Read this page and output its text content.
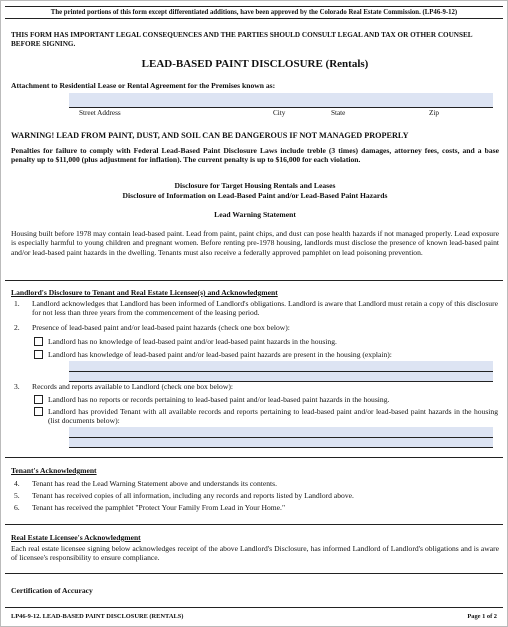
The printed portions of this form except differentiated additions, have been approved by the Colorado Real Estate Commission. (LP46-9-12)
THIS FORM HAS IMPORTANT LEGAL CONSEQUENCES AND THE PARTIES SHOULD CONSULT LEGAL AND TAX OR OTHER COUNSEL BEFORE SIGNING.
LEAD-BASED PAINT DISCLOSURE (Rentals)
Attachment to Residential Lease or Rental Agreement for the Premises known as:
Street Address	City	State	Zip
WARNING! LEAD FROM PAINT, DUST, AND SOIL CAN BE DANGEROUS IF NOT MANAGED PROPERLY
Penalties for failure to comply with Federal Lead-Based Paint Disclosure Laws include treble (3 times) damages, attorney fees, costs, and a base penalty up to $11,000 (plus adjustment for inflation). The current penalty is up to $16,000 for each violation.
Disclosure for Target Housing Rentals and Leases
Disclosure of Information on Lead-Based Paint and/or Lead-Based Paint Hazards
Lead Warning Statement
Housing built before 1978 may contain lead-based paint. Lead from paint, paint chips, and dust can pose health hazards if not managed properly. Lead exposure is especially harmful to young children and pregnant women. Before renting pre-1978 housing, landlords must disclose the presence of known lead-based paint and/or lead-based paint hazards in the dwelling. Tenants must also receive a federally approved pamphlet on lead poisoning prevention.
Landlord's Disclosure to Tenant and Real Estate Licensee(s) and Acknowledgment
1. Landlord acknowledges that Landlord has been informed of Landlord's obligations. Landlord is aware that Landlord must retain a copy of this disclosure for not less than three years from the commencement of the leasing period.
2. Presence of lead-based paint and/or lead-based paint hazards (check one box below):
Landlord has no knowledge of lead-based paint and/or lead-based paint hazards in the housing.
Landlord has knowledge of lead-based paint and/or lead-based paint hazards are present in the housing (explain):
3. Records and reports available to Landlord (check one box below):
Landlord has no reports or records pertaining to lead-based paint and/or lead-based paint hazards in the housing.
Landlord has provided Tenant with all available records and reports pertaining to lead-based paint and/or lead-based paint hazards in the housing (list documents below):
Tenant's Acknowledgment
4. Tenant has read the Lead Warning Statement above and understands its contents.
5. Tenant has received copies of all information, including any records and reports listed by Landlord above.
6. Tenant has received the pamphlet "Protect Your Family From Lead in Your Home."
Real Estate Licensee's Acknowledgment
Each real estate licensee signing below acknowledges receipt of the above Landlord's Disclosure, has informed Landlord of Landlord's obligations and is aware of licensee's responsibility to ensure compliance.
Certification of Accuracy
LP46-9-12. LEAD-BASED PAINT DISCLOSURE (RENTALS)	Page 1 of 2
